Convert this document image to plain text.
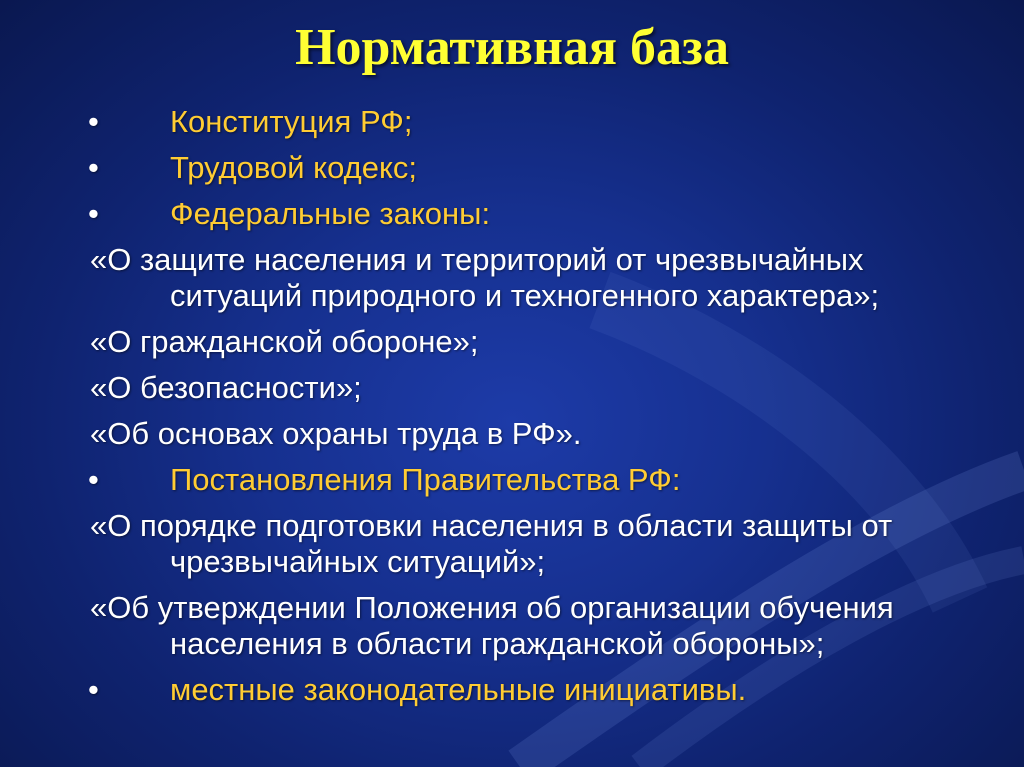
Нормативная база
• Конституция РФ;
• Трудовой кодекс;
• Федеральные законы:
«О защите населения и территорий от чрезвычайных
ситуаций природного и техногенного характера»;
«О гражданской обороне»;
«О безопасности»;
«Об основах охраны труда в РФ».
• Постановления Правительства РФ:
«О порядке подготовки населения в области защиты от
чрезвычайных ситуаций»;
«Об утверждении Положения об организации обучения
населения в области гражданской обороны»;
• местные законодательные инициативы.
